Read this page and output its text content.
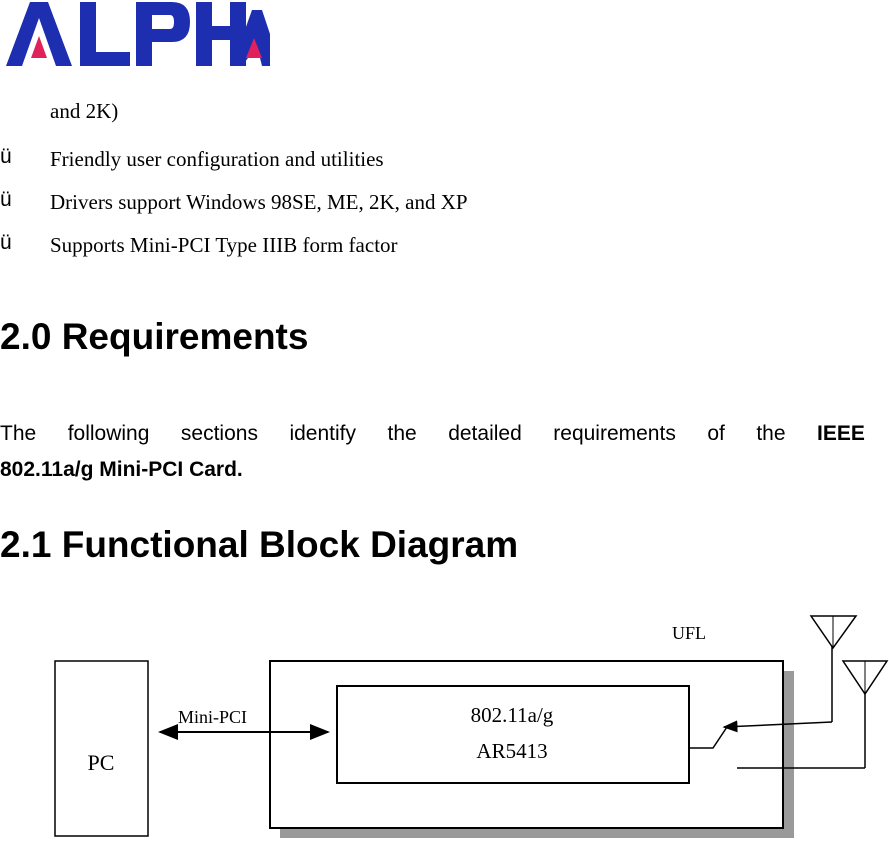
and 2K)
ü Friendly user configuration and utilities
ü Drivers support Windows 98SE, ME, 2K, and XP
ü Supports Mini-PCI Type IIIB form factor
2.0 Requirements
The following sections identify the detailed requirements of the IEEE
802.11a/g Mini-PCI Card.
2.1 Functional Block Diagram
PC
802.11a/g
AR5413
Mini-PCI
UFL
